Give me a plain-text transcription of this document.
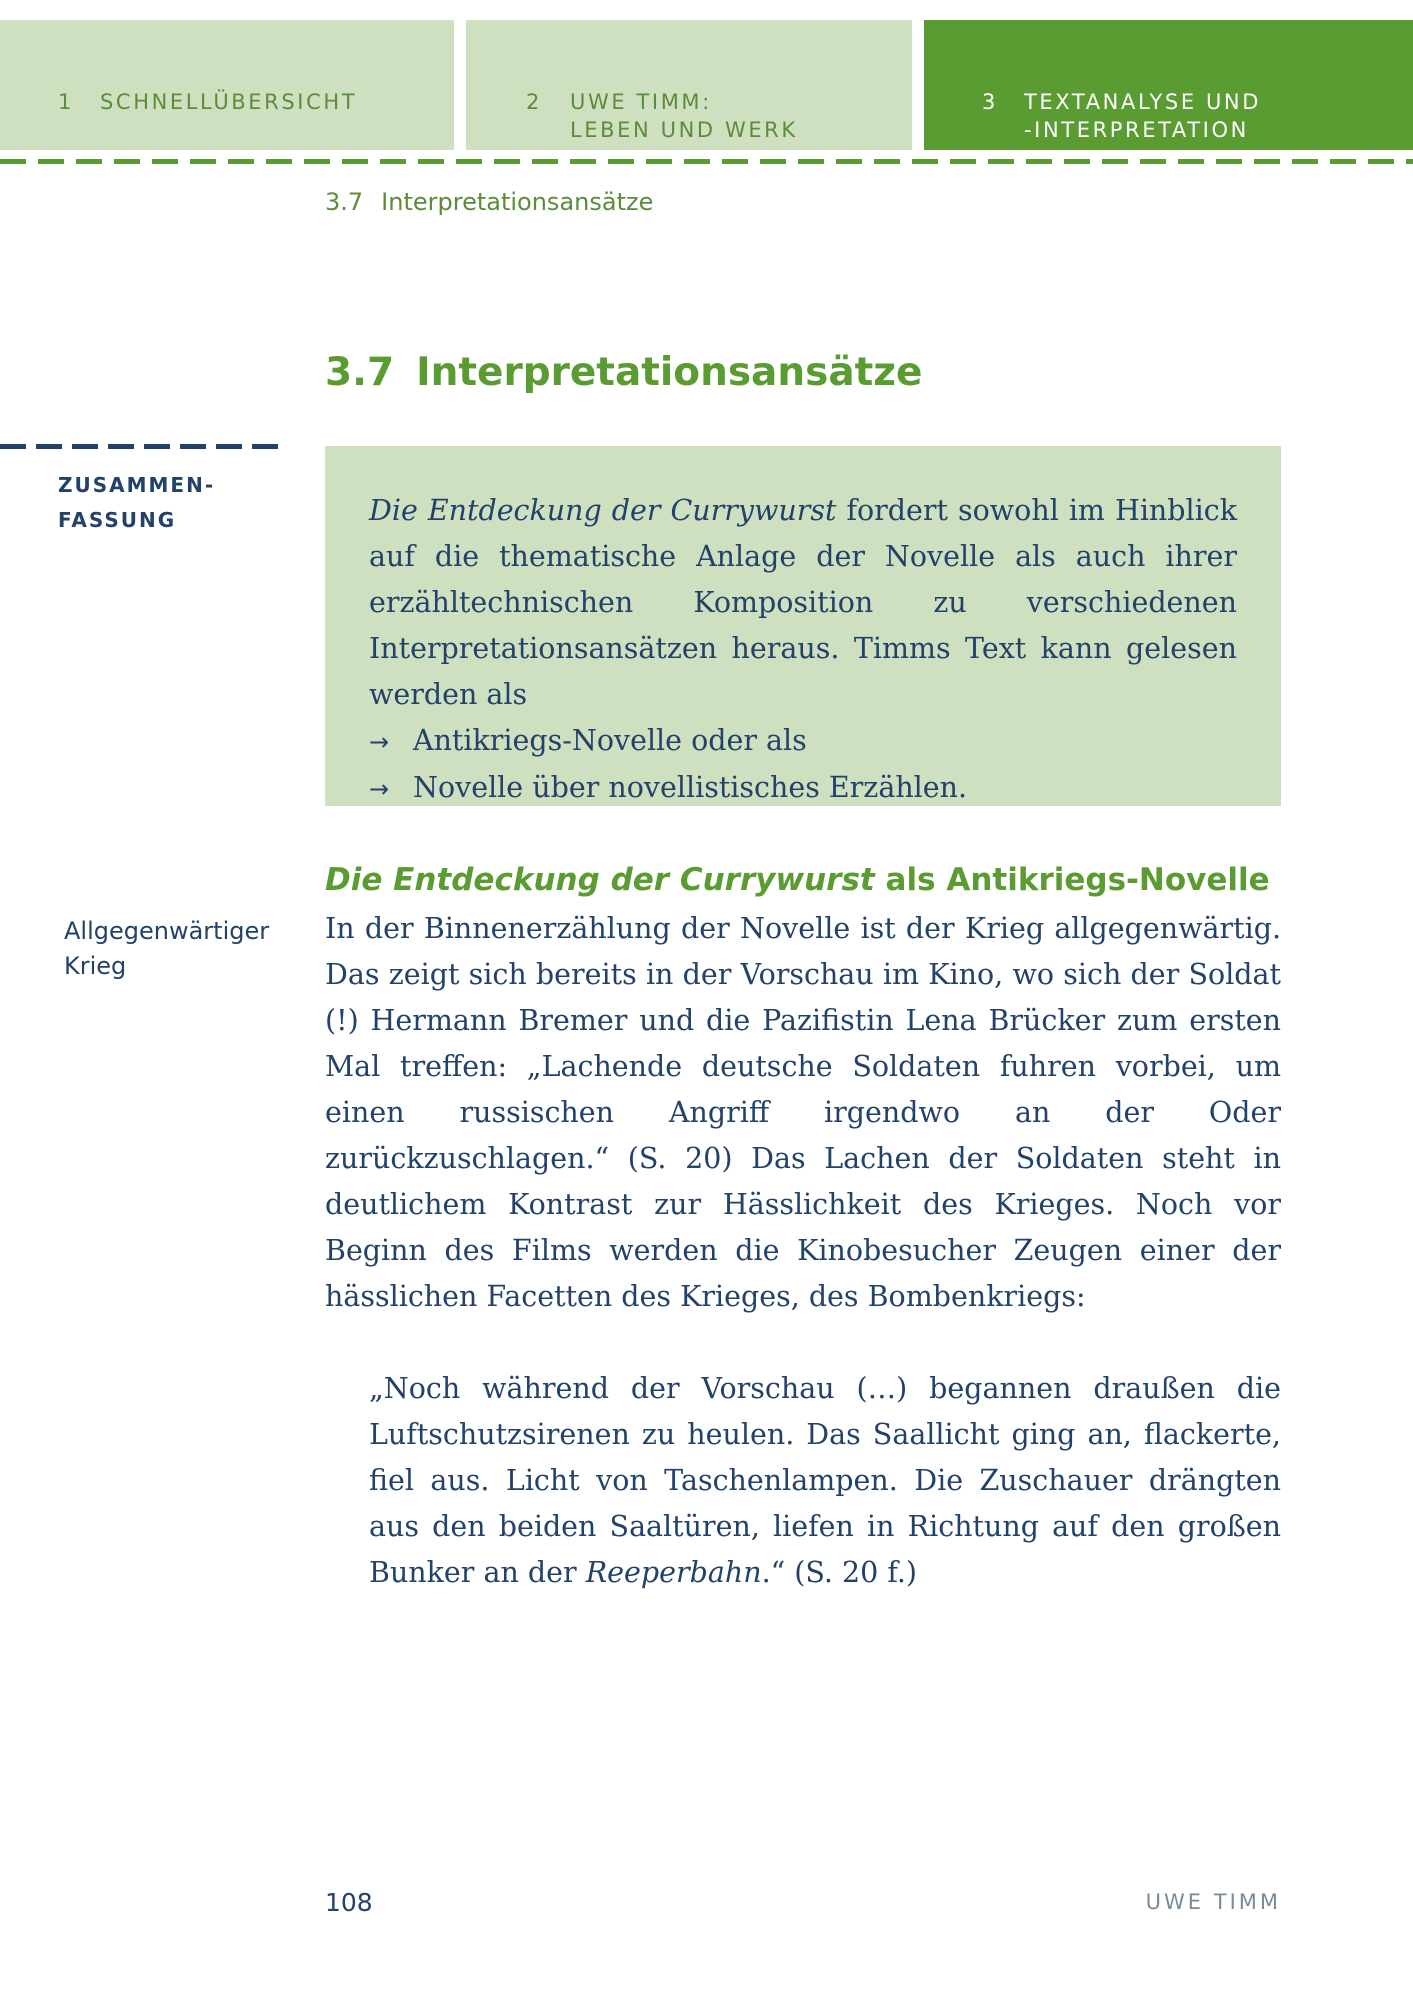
1 SCHNELLÜBERSICHT	2 UWE TIMM:
LEBEN UND WERK
3 TEXTANALYSE UND
-INTERPRETATION
3.7 Interpretationsansätze
3.7 Interpretationsansätze
ZUSAMMEN-
FASSUNG	Die Entdeckung der Currywurst fordert sowohl im Hinblick auf die thematische Anlage der Novelle als auch ihrer erzähltechnischen Komposition zu verschiedenen Interpretationsansätzen heraus. Timms Text kann gelesen werden als

→ Antikriegs-Novelle oder als
→ Novelle über novellistisches Erzählen.
Die Entdeckung der Currywurst als Antikriegs-Novelle
Allgegenwärtiger
Krieg

In der Binnenerzählung der Novelle ist der Krieg allgegenwärtig. Das zeigt sich bereits in der Vorschau im Kino, wo sich der Soldat (!) Hermann Bremer und die Pazifistin Lena Brücker zum ersten Mal treffen: „Lachende deutsche Soldaten fuhren vorbei, um einen russischen Angriff irgendwo an der Oder zurückzuschlagen.“ (S. 20) Das Lachen der Soldaten steht in deutlichem Kontrast zur Hässlichkeit des Krieges. Noch vor Beginn des Films werden die Kinobesucher Zeugen einer der hässlichen Facetten des Krieges, des Bombenkriegs:

„Noch während der Vorschau (…) begannen draußen die Luftschutzsirenen zu heulen. Das Saallicht ging an, flackerte, fiel aus. Licht von Taschenlampen. Die Zuschauer drängten aus den beiden Saaltüren, liefen in Richtung auf den großen Bunker an der Reeperbahn.“ (S. 20 f.)

108	UWE TIMM
